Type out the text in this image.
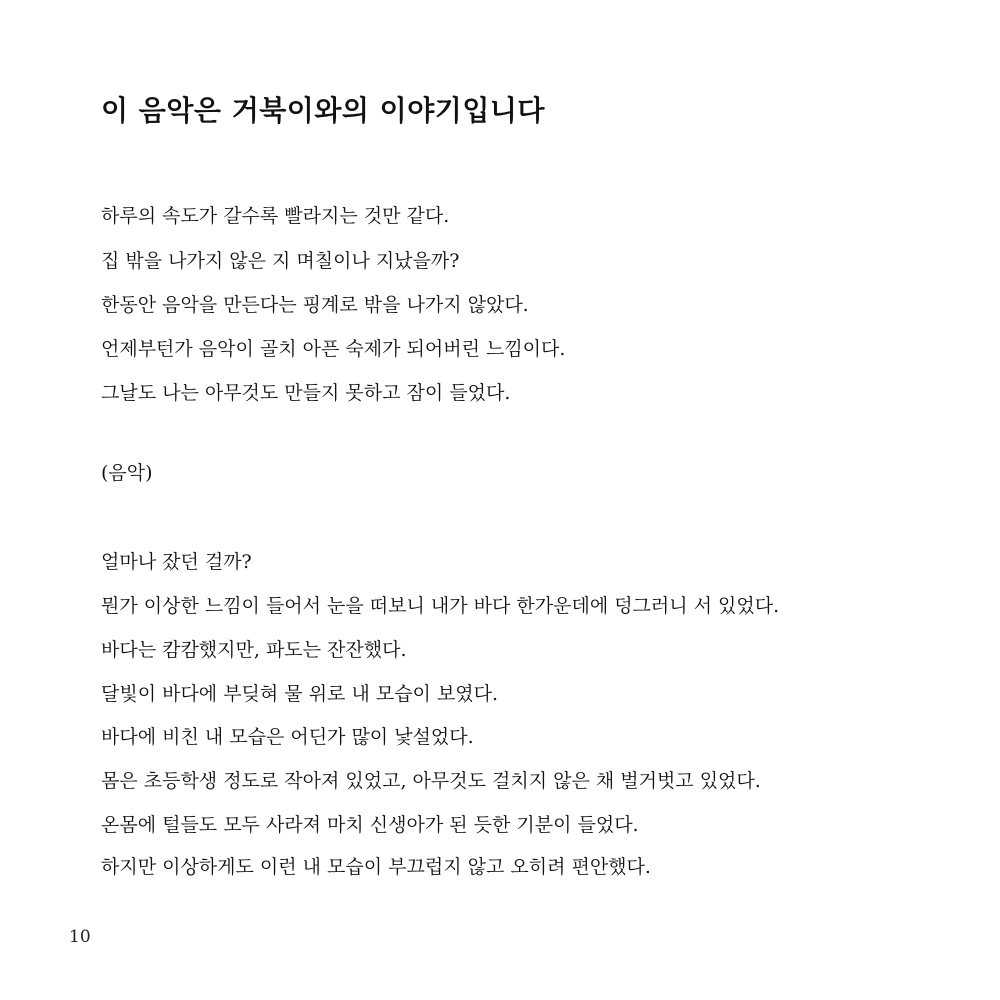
이 음악은 거북이와의 이야기입니다

하루의 속도가 갈수록 빨라지는 것만 같다.

집 밖을 나가지 않은 지 며칠이나 지났을까?

한동안 음악을 만든다는 핑계로 밖을 나가지 않았다.

언제부턴가 음악이 골치 아픈 숙제가 되어버린 느낌이다.

그날도 나는 아무것도 만들지 못하고 잠이 들었다.

(음악)

얼마나 잤던 걸까?

뭔가 이상한 느낌이 들어서 눈을 떠보니 내가 바다 한가운데에 덩그러니 서 있었다.

바다는 캄캄했지만, 파도는 잔잔했다.

달빛이 바다에 부딪혀 물 위로 내 모습이 보였다.

바다에 비친 내 모습은 어딘가 많이 낯설었다.

몸은 초등학생 정도로 작아져 있었고, 아무것도 걸치지 않은 채 벌거벗고 있었다.

온몸에 털들도 모두 사라져 마치 신생아가 된 듯한 기분이 들었다.

하지만 이상하게도 이런 내 모습이 부끄럽지 않고 오히려 편안했다.

10
